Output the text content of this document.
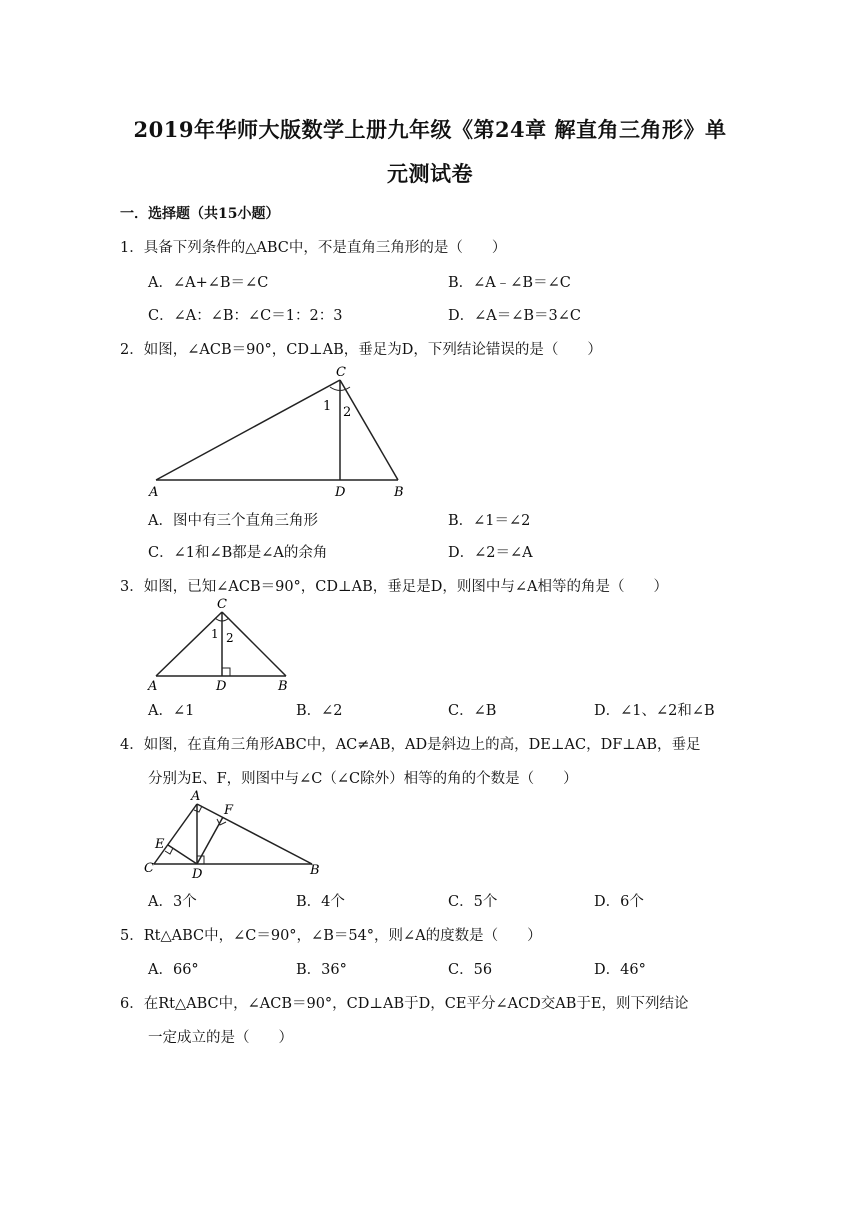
2019年华师大版数学上册九年级《第24章 解直角三角形》单
元测试卷
一．选择题（共15小题）
1．具备下列条件的△ABC中，不是直角三角形的是（　　）
A．∠A+∠B＝∠C	B．∠A﹣∠B＝∠C
C．∠A：∠B：∠C＝1：2：3	D．∠A＝∠B＝3∠C
2．如图，∠ACB＝90°，CD⊥AB，垂足为D，下列结论错误的是（　　）
C
1 2
A	D	B
A．图中有三个直角三角形	B．∠1＝∠2
C．∠1和∠B都是∠A的余角	D．∠2＝∠A
3．如图，已知∠ACB＝90°，CD⊥AB，垂足是D，则图中与∠A相等的角是（　　）
C
1 2
A	D	B
A．∠1	B．∠2	C．∠B	D．∠1、∠2和∠B
4．如图，在直角三角形ABC中，AC≠AB，AD是斜边上的高，DE⊥AC，DF⊥AB，垂足
分别为E、F，则图中与∠C（∠C除外）相等的角的个数是（　　）
A
F
E
C	D	B
A．3个	B．4个	C．5个	D．6个
5．Rt△ABC中，∠C＝90°，∠B＝54°，则∠A的度数是（　　）
A．66°	B．36°	C．56	D．46°
6．在Rt△ABC中，∠ACB＝90°，CD⊥AB于D，CE平分∠ACD交AB于E，则下列结论
一定成立的是（　　）
